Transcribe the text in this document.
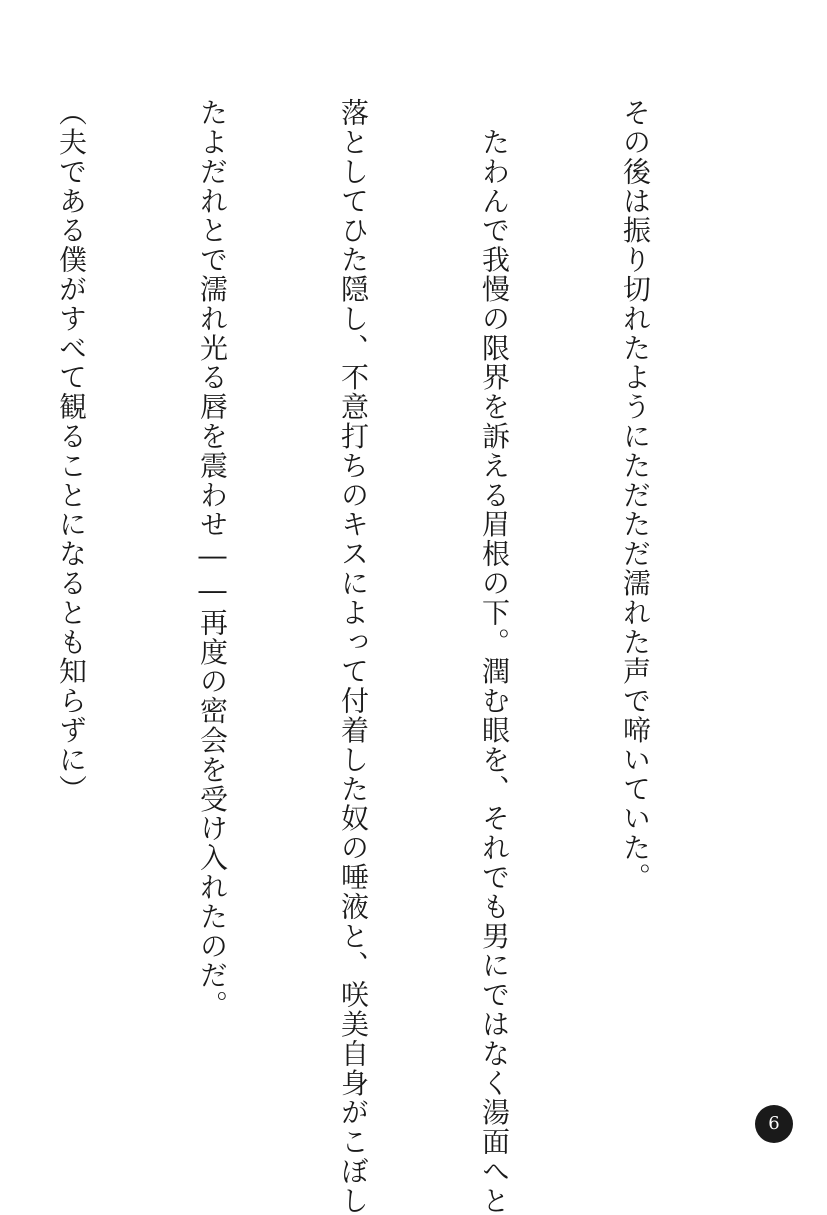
その後は振り切れたようにただただ濡れた声で啼いていた。

　たわんで我慢の限界を訴える眉根の下。潤む眼を、それでも男にではなく湯面へと

落としてひた隠し、不意打ちのキスによって付着した奴の唾液と、咲美自身がこぼし

たよだれとで濡れ光る唇を震わせ――再度の密会を受け入れたのだ。

（夫である僕がすべて観ることになるとも知らずに）

6
